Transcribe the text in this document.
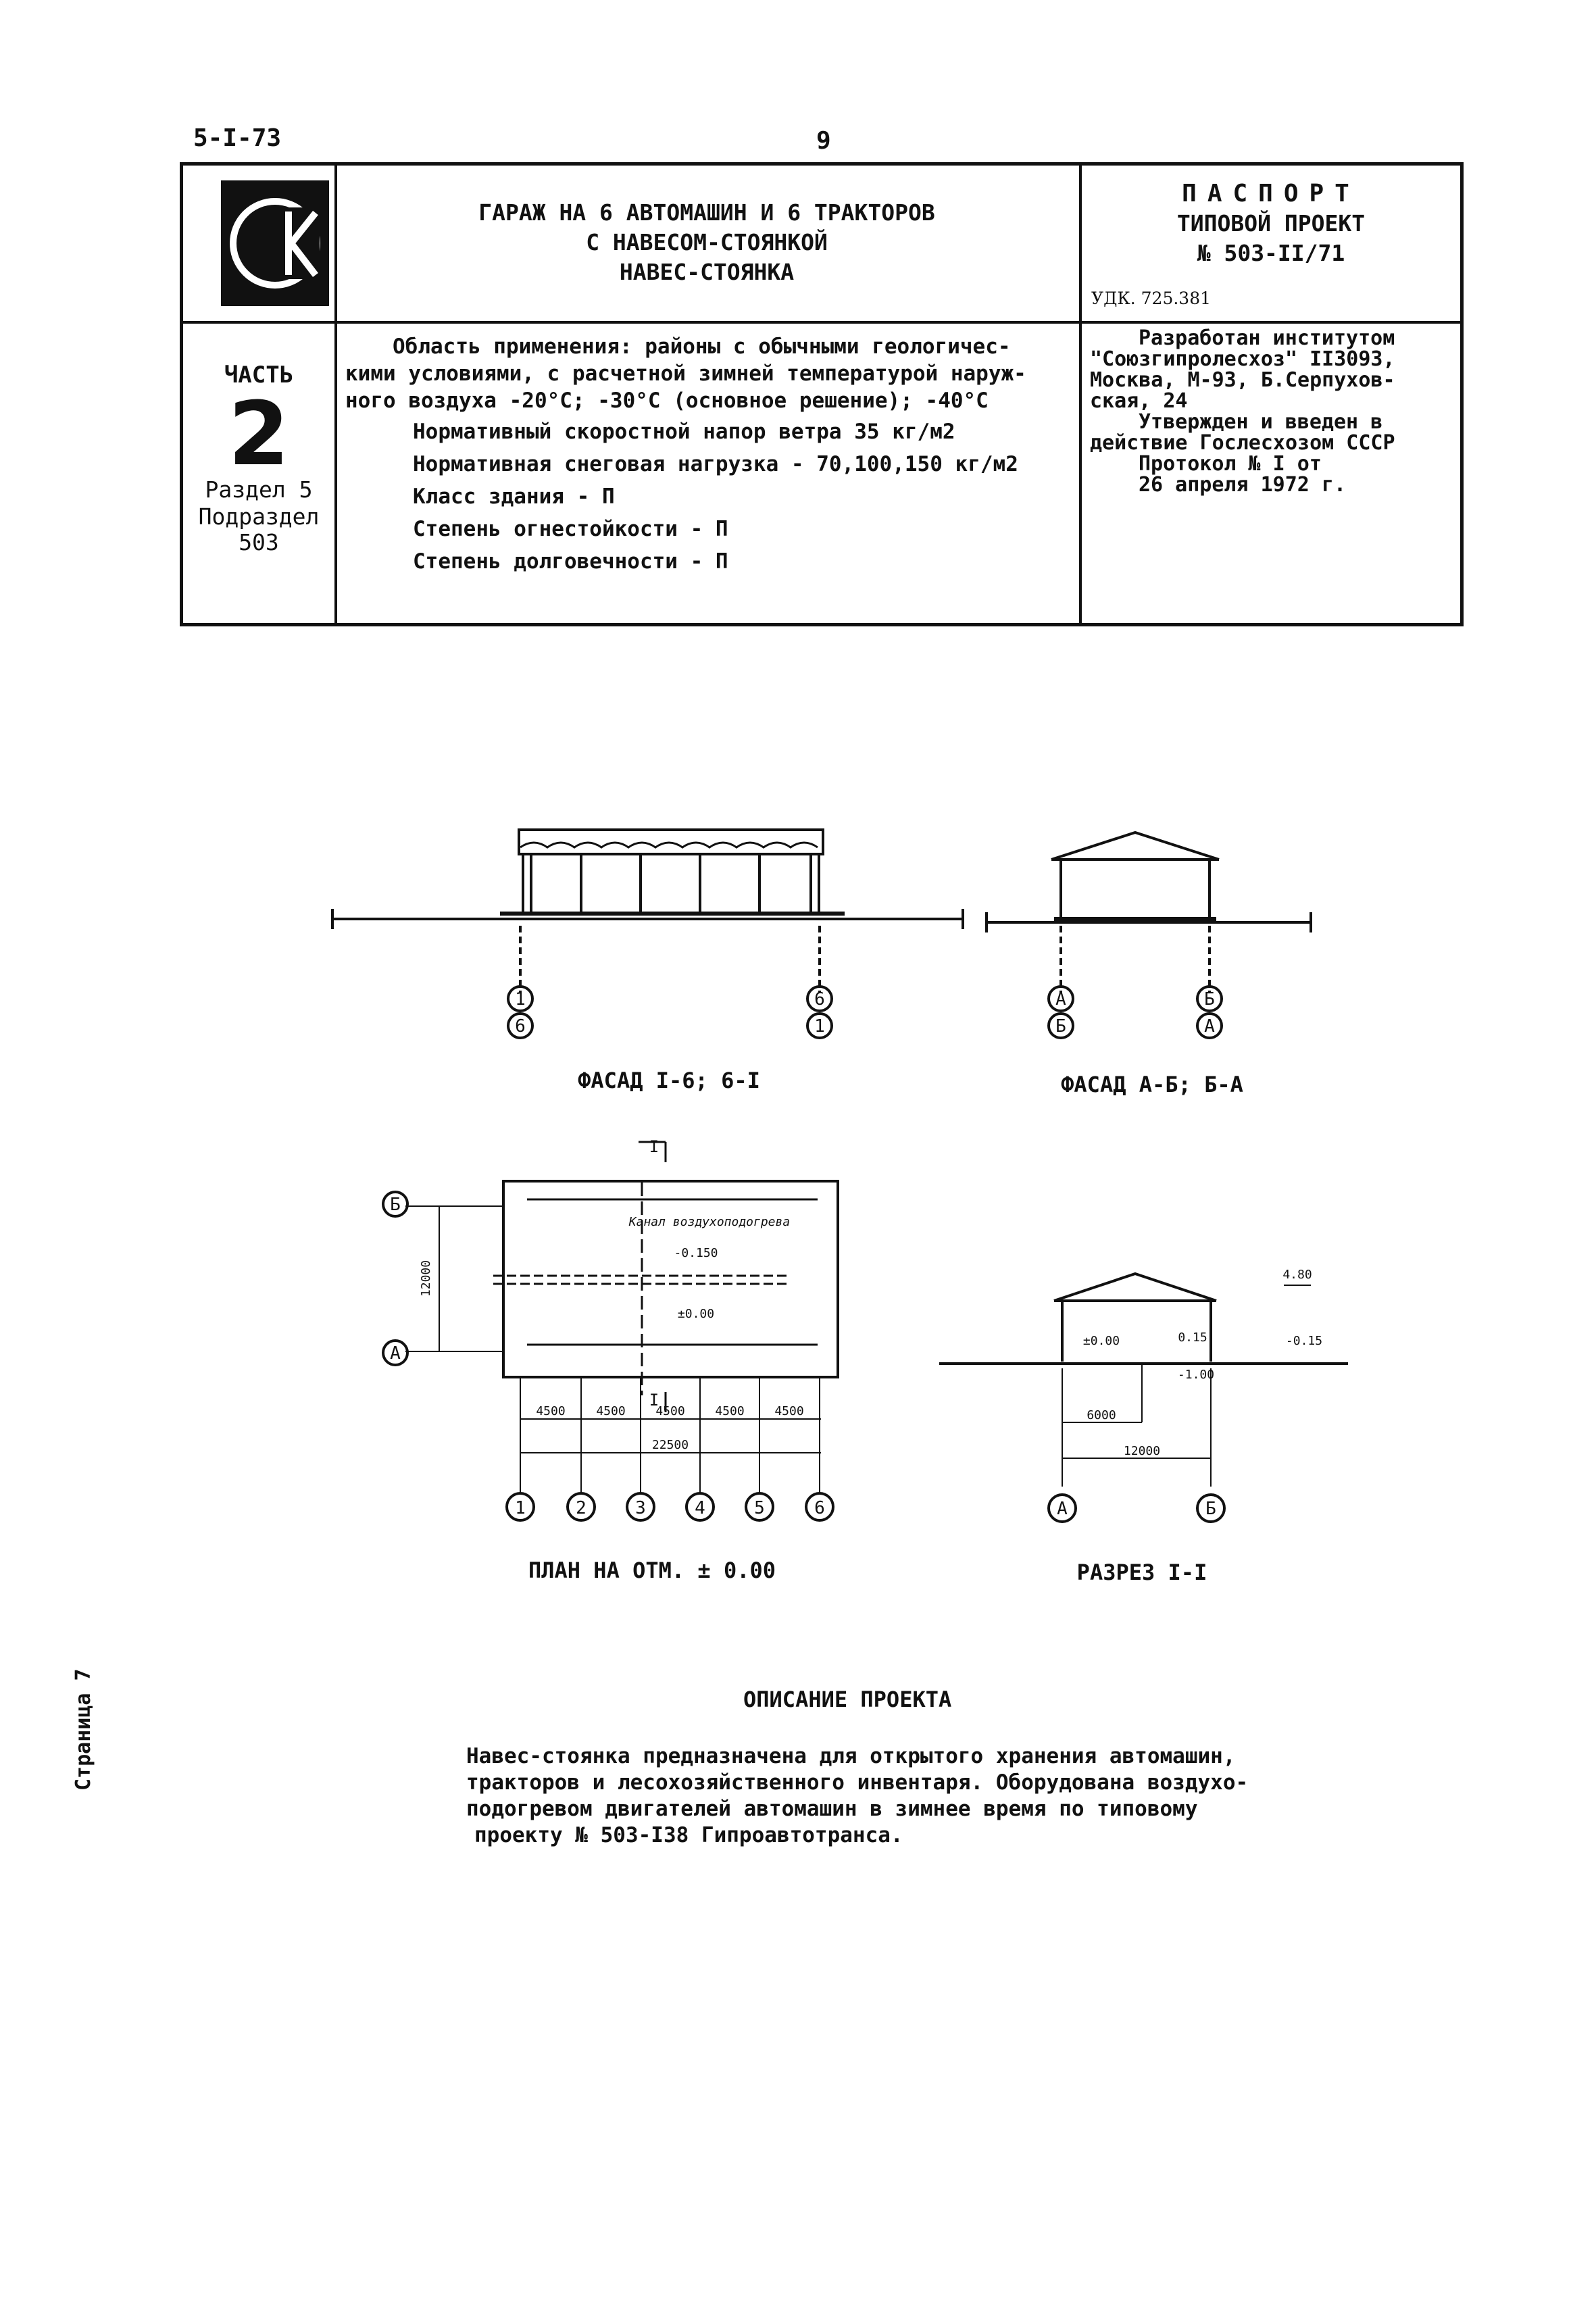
5-I-73	9
ГАРАЖ НА 6 АВТОМАШИН И 6 ТРАКТОРОВ
С НАВЕСОМ-СТОЯНКОЙ
НАВЕС-СТОЯНКА
ПАСПОРТ
ТИПОВОЙ ПРОЕКТ
№ 503-II/71
УДК. 725.381
ЧАСТЬ
2
Раздел 5
Подраздел
503
Область применения: районы с обычными геологичес-
кими условиями, с расчетной зимней температурой наруж-
ного воздуха -20°С; -30°С (основное решение); -40°С
Нормативный скоростной напор ветра 35 кг/м2
Нормативная снеговая нагрузка - 70,100,150 кг/м2
Класс здания - П
Степень огнестойкости - П
Степень долговечности - П
Разработан институтом
"Союзгипролесхоз" II3093,
Москва, М-93, Б.Серпухов-
ская, 24
Утвержден и введен в
действие Гослесхозом СССР
Протокол № I от
26 апреля 1972 г.
1
6
6
1
А
Б
Б
А
Б
А
1	2	3	4	5	6
4500	4500 4500 4500 4500
22500
12000
Канал воздухоподогрева
-0.150
±0.00
I
I
А	Б
4.80
±0.00	-0.15
0.15
-1.00
6000
12000
ФАСАД I-6; 6-I	ФАСАД А-Б; Б-А
ПЛАН НА ОТМ. ± 0.00	РАЗРЕЗ I-I
ОПИСАНИЕ ПРОЕКТА
Навес-стоянка предназначена для открытого хранения автомашин,
тракторов и лесохозяйственного инвентаря. Оборудована воздухо-
подогревом двигателей автомашин в зимнее время по типовому
проекту № 503-I38 Гипроавтотранса.
Страница 7
